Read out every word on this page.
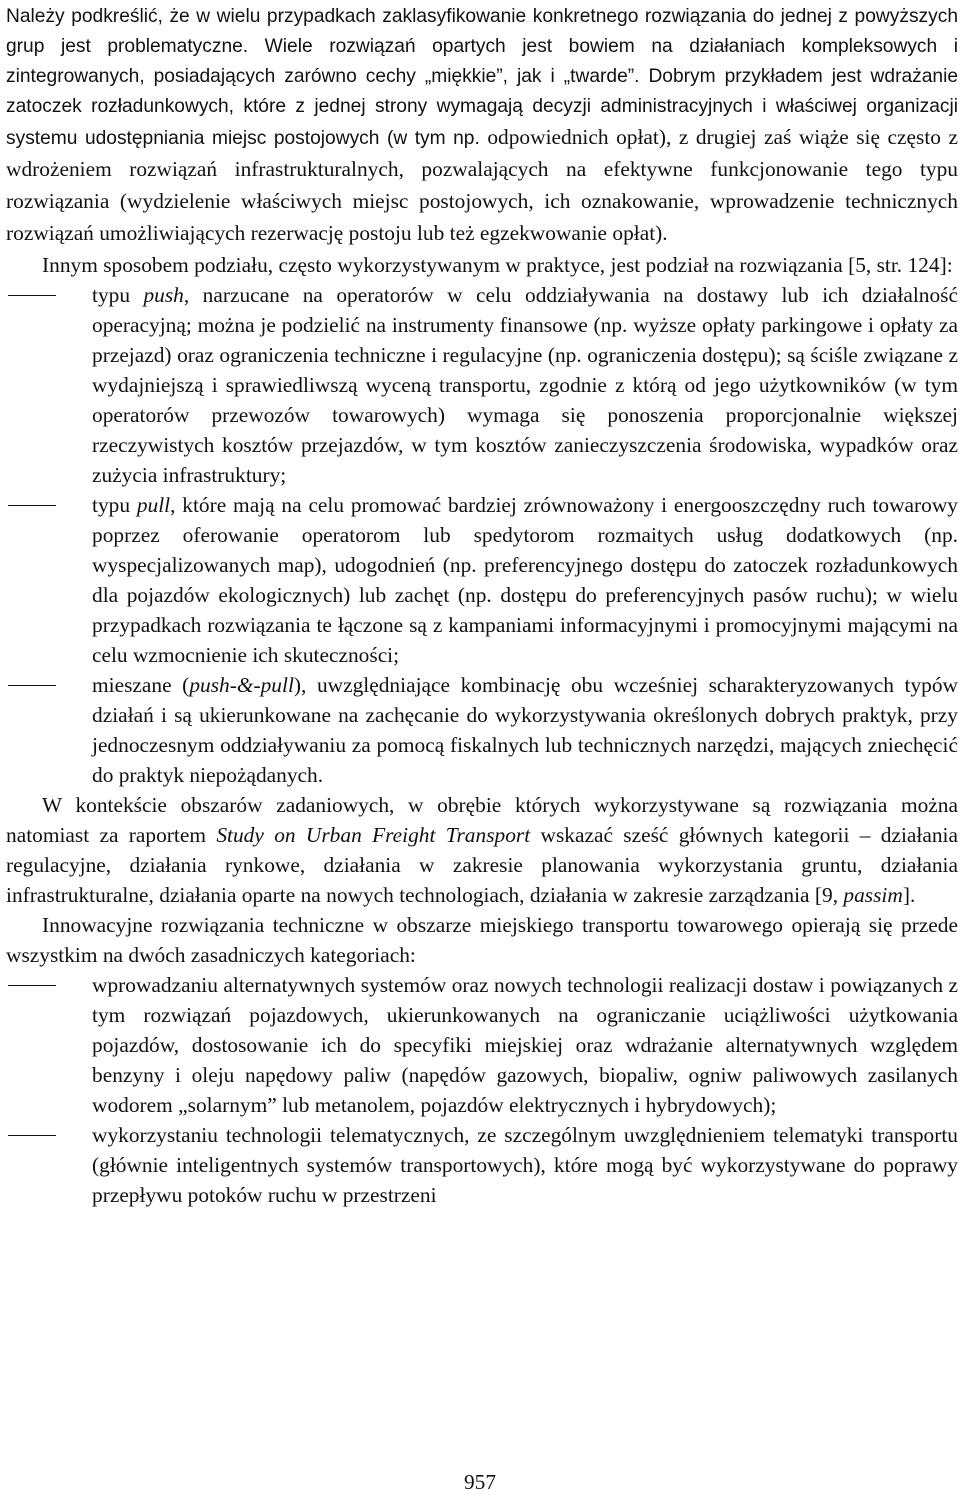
Należy podkreślić, że w wielu przypadkach zaklasyfikowanie konkretnego rozwiązania do jednej z powyższych grup jest problematyczne. Wiele rozwiązań opartych jest bowiem na działaniach kompleksowych i zintegrowanych, posiadających zarówno cechy „miękkie”, jak i „twarde”. Dobrym przykładem jest wdrażanie zatoczek rozładunkowych, które z jednej strony wymagają decyzji administracyjnych i właściwej organizacji systemu udostępniania miejsc postojowych (w tym np. odpowiednich opłat), z drugiej zaś wiąże się często z wdrożeniem rozwiązań infrastrukturalnych, pozwalających na efektywne funkcjonowanie tego typu rozwiązania (wydzielenie właściwych miejsc postojowych, ich oznakowanie, wprowadzenie technicznych rozwiązań umożliwiających rezerwację postoju lub też egzekwowanie opłat).

Innym sposobem podziału, często wykorzystywanym w praktyce, jest podział na rozwiązania [5, str. 124]:

typu push, narzucane na operatorów w celu oddziaływania na dostawy lub ich działalność operacyjną; można je podzielić na instrumenty finansowe (np. wyższe opłaty parkingowe i opłaty za przejazd) oraz ograniczenia techniczne i regulacyjne (np. ograniczenia dostępu); są ściśle związane z wydajniejszą i sprawiedliwszą wyceną transportu, zgodnie z którą od jego użytkowników (w tym operatorów przewozów towarowych) wymaga się ponoszenia proporcjonalnie większej rzeczywistych kosztów przejazdów, w tym kosztów zanieczyszczenia środowiska, wypadków oraz zużycia infrastruktury;
typu pull, które mają na celu promować bardziej zrównoważony i energooszczędny ruch towarowy poprzez oferowanie operatorom lub spedytorom rozmaitych usług dodatkowych (np. wyspecjalizowanych map), udogodnień (np. preferencyjnego dostępu do zatoczek rozładunkowych dla pojazdów ekologicznych) lub zachęt (np. dostępu do preferencyjnych pasów ruchu); w wielu przypadkach rozwiązania te łączone są z kampaniami informacyjnymi i promocyjnymi mającymi na celu wzmocnienie ich skuteczności;
mieszane (push-&-pull), uwzględniające kombinację obu wcześniej scharakteryzowanych typów działań i są ukierunkowane na zachęcanie do wykorzystywania określonych dobrych praktyk, przy jednoczesnym oddziaływaniu za pomocą fiskalnych lub technicznych narzędzi, mających zniechęcić do praktyk niepożądanych.

W kontekście obszarów zadaniowych, w obrębie których wykorzystywane są rozwiązania można natomiast za raportem Study on Urban Freight Transport wskazać sześć głównych kategorii – działania regulacyjne, działania rynkowe, działania w zakresie planowania wykorzystania gruntu, działania infrastrukturalne, działania oparte na nowych technologiach, działania w zakresie zarządzania [9, passim].

Innowacyjne rozwiązania techniczne w obszarze miejskiego transportu towarowego opierają się przede wszystkim na dwóch zasadniczych kategoriach:

wprowadzaniu alternatywnych systemów oraz nowych technologii realizacji dostaw i powiązanych z tym rozwiązań pojazdowych, ukierunkowanych na ograniczanie uciążliwości użytkowania pojazdów, dostosowanie ich do specyfiki miejskiej oraz wdrażanie alternatywnych względem benzyny i oleju napędowy paliw (napędów gazowych, biopaliw, ogniw paliwowych zasilanych wodorem „solarnym” lub metanolem, pojazdów elektrycznych i hybrydowych);
wykorzystaniu technologii telematycznych, ze szczególnym uwzględnieniem telematyki transportu (głównie inteligentnych systemów transportowych), które mogą być wykorzystywane do poprawy przepływu potoków ruchu w przestrzeni
957
